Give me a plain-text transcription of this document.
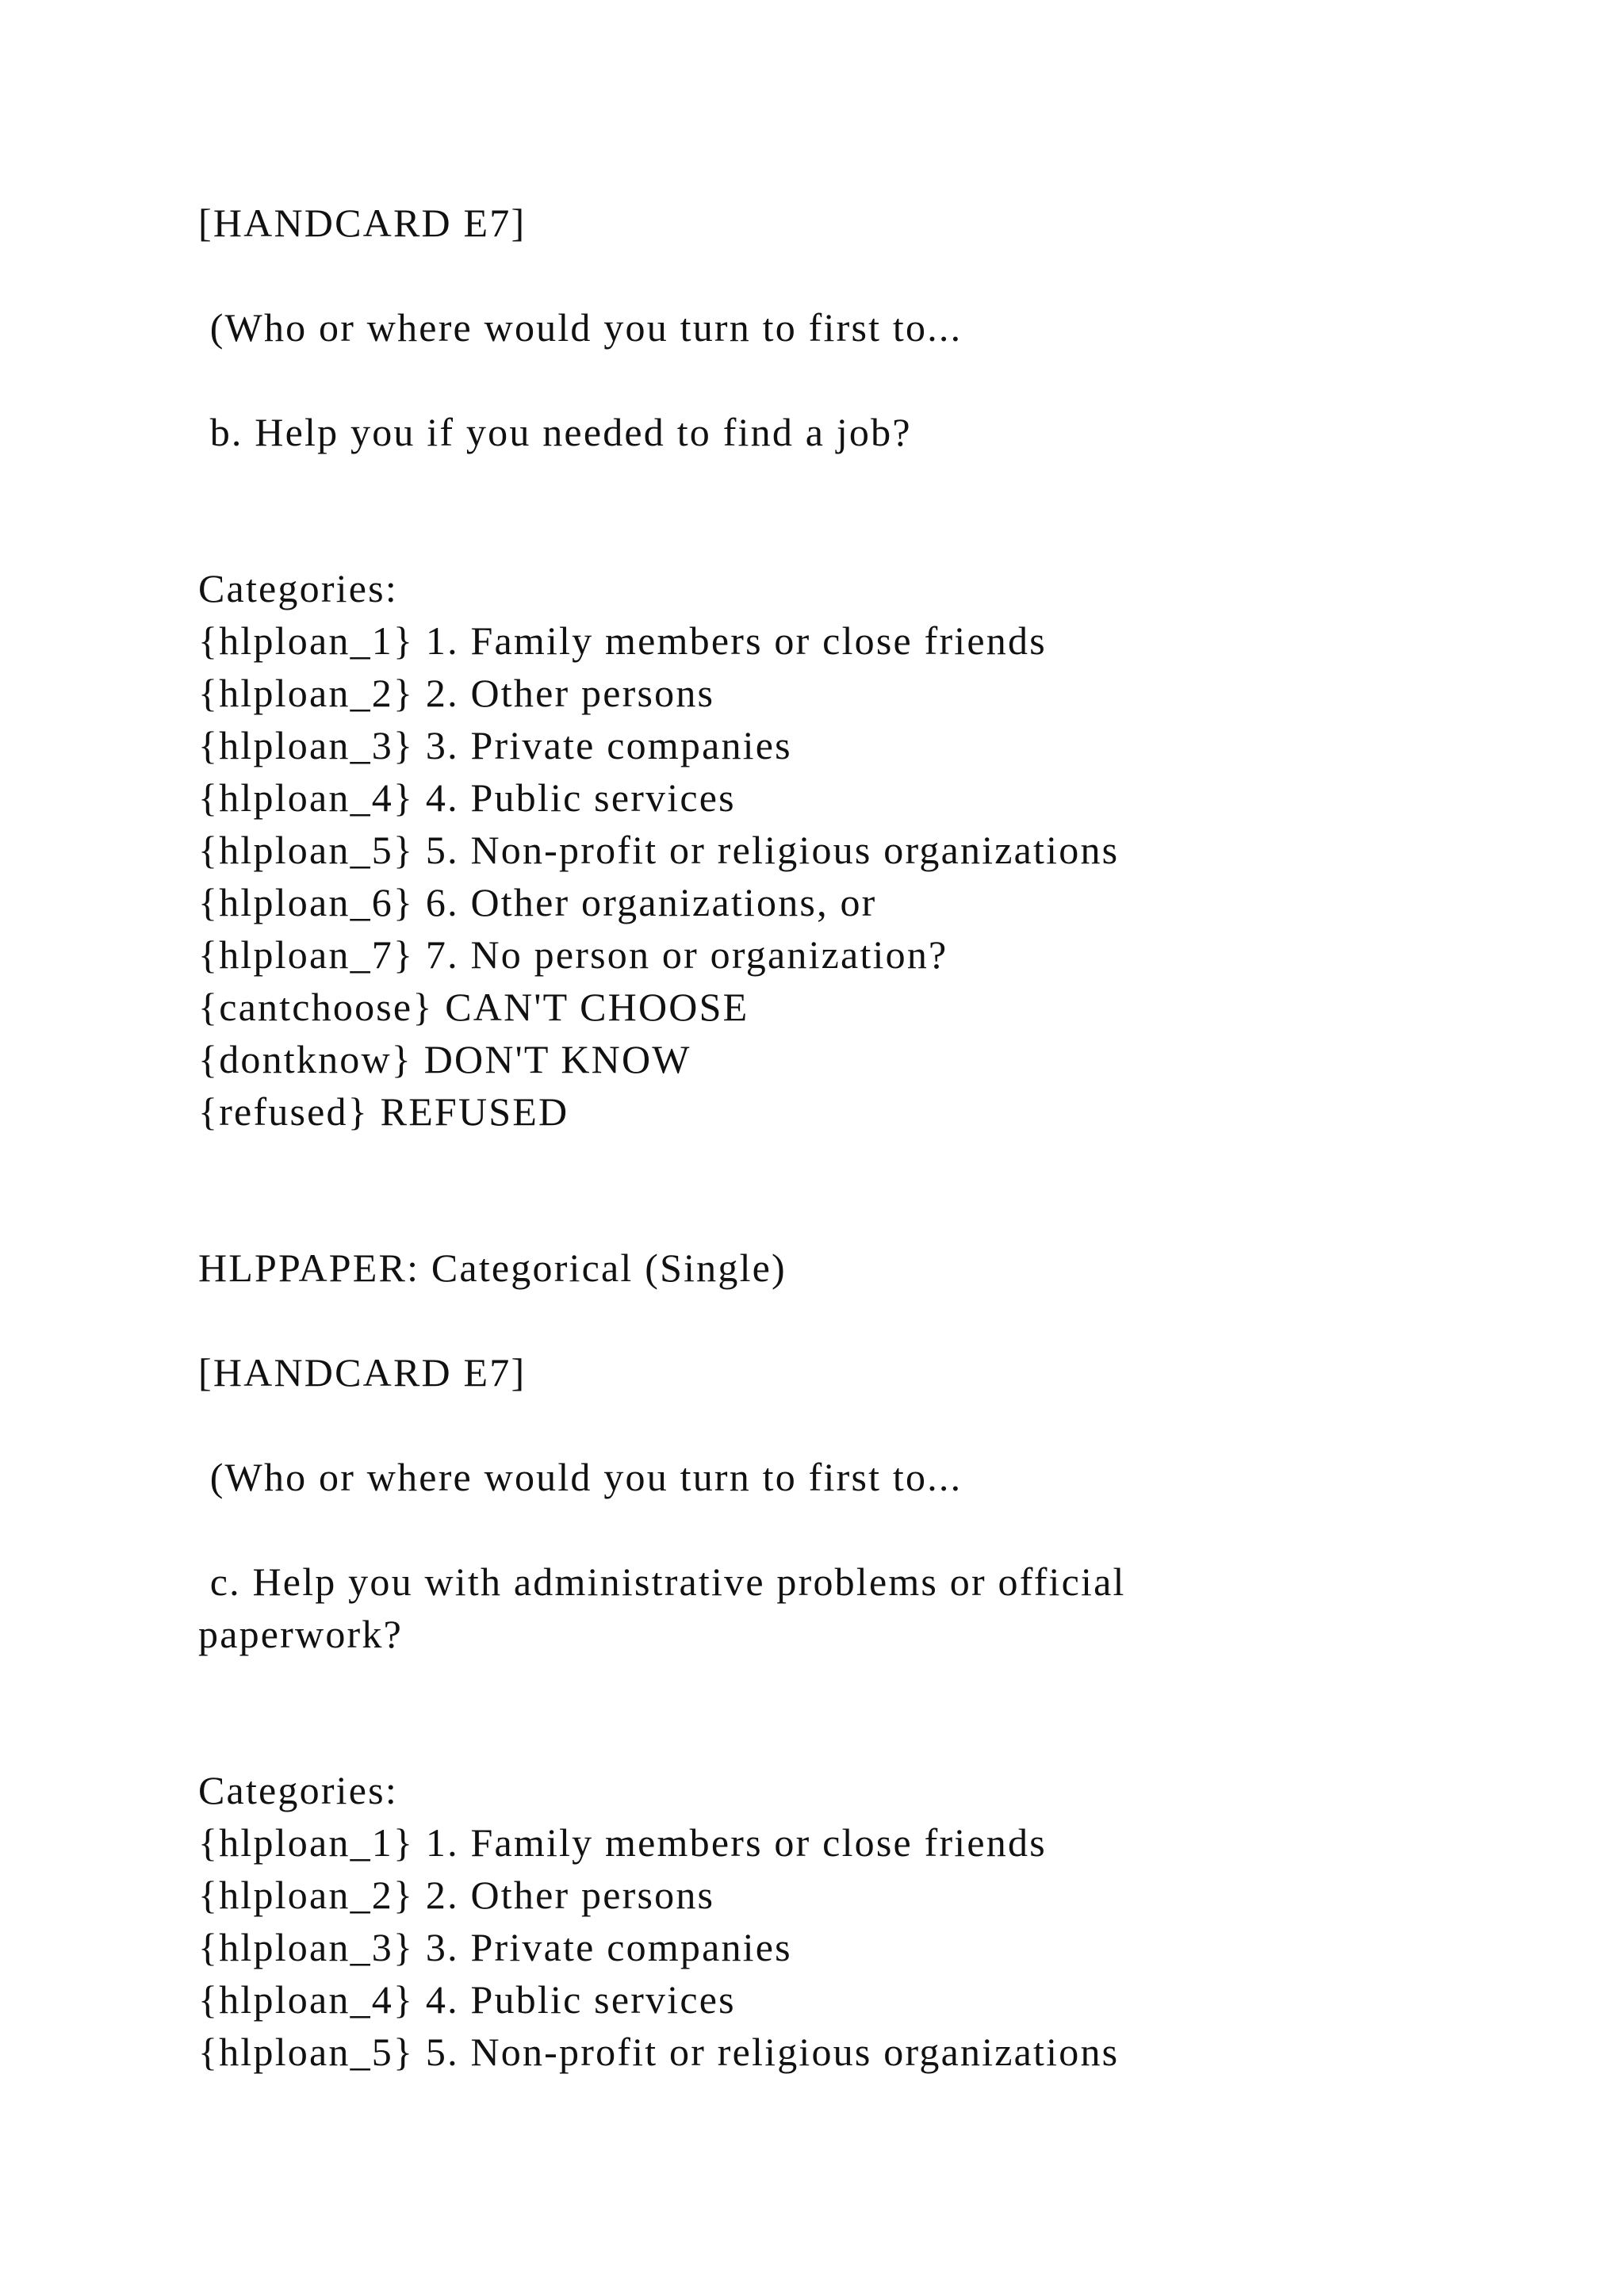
[HANDCARD E7]

(Who or where would you turn to first to...

b. Help you if you needed to find a job?

Categories:

{hlploan_1} 1. Family members or close friends

{hlploan_2} 2. Other persons

{hlploan_3} 3. Private companies

{hlploan_4} 4. Public services

{hlploan_5} 5. Non-profit or religious organizations

{hlploan_6} 6. Other organizations, or

{hlploan_7} 7. No person or organization?

{cantchoose} CAN'T CHOOSE

{dontknow} DON'T KNOW

{refused} REFUSED

HLPPAPER: Categorical (Single)

[HANDCARD E7]

(Who or where would you turn to first to...

c. Help you with administrative problems or official

paperwork?

Categories:

{hlploan_1} 1. Family members or close friends

{hlploan_2} 2. Other persons

{hlploan_3} 3. Private companies

{hlploan_4} 4. Public services

{hlploan_5} 5. Non-profit or religious organizations
